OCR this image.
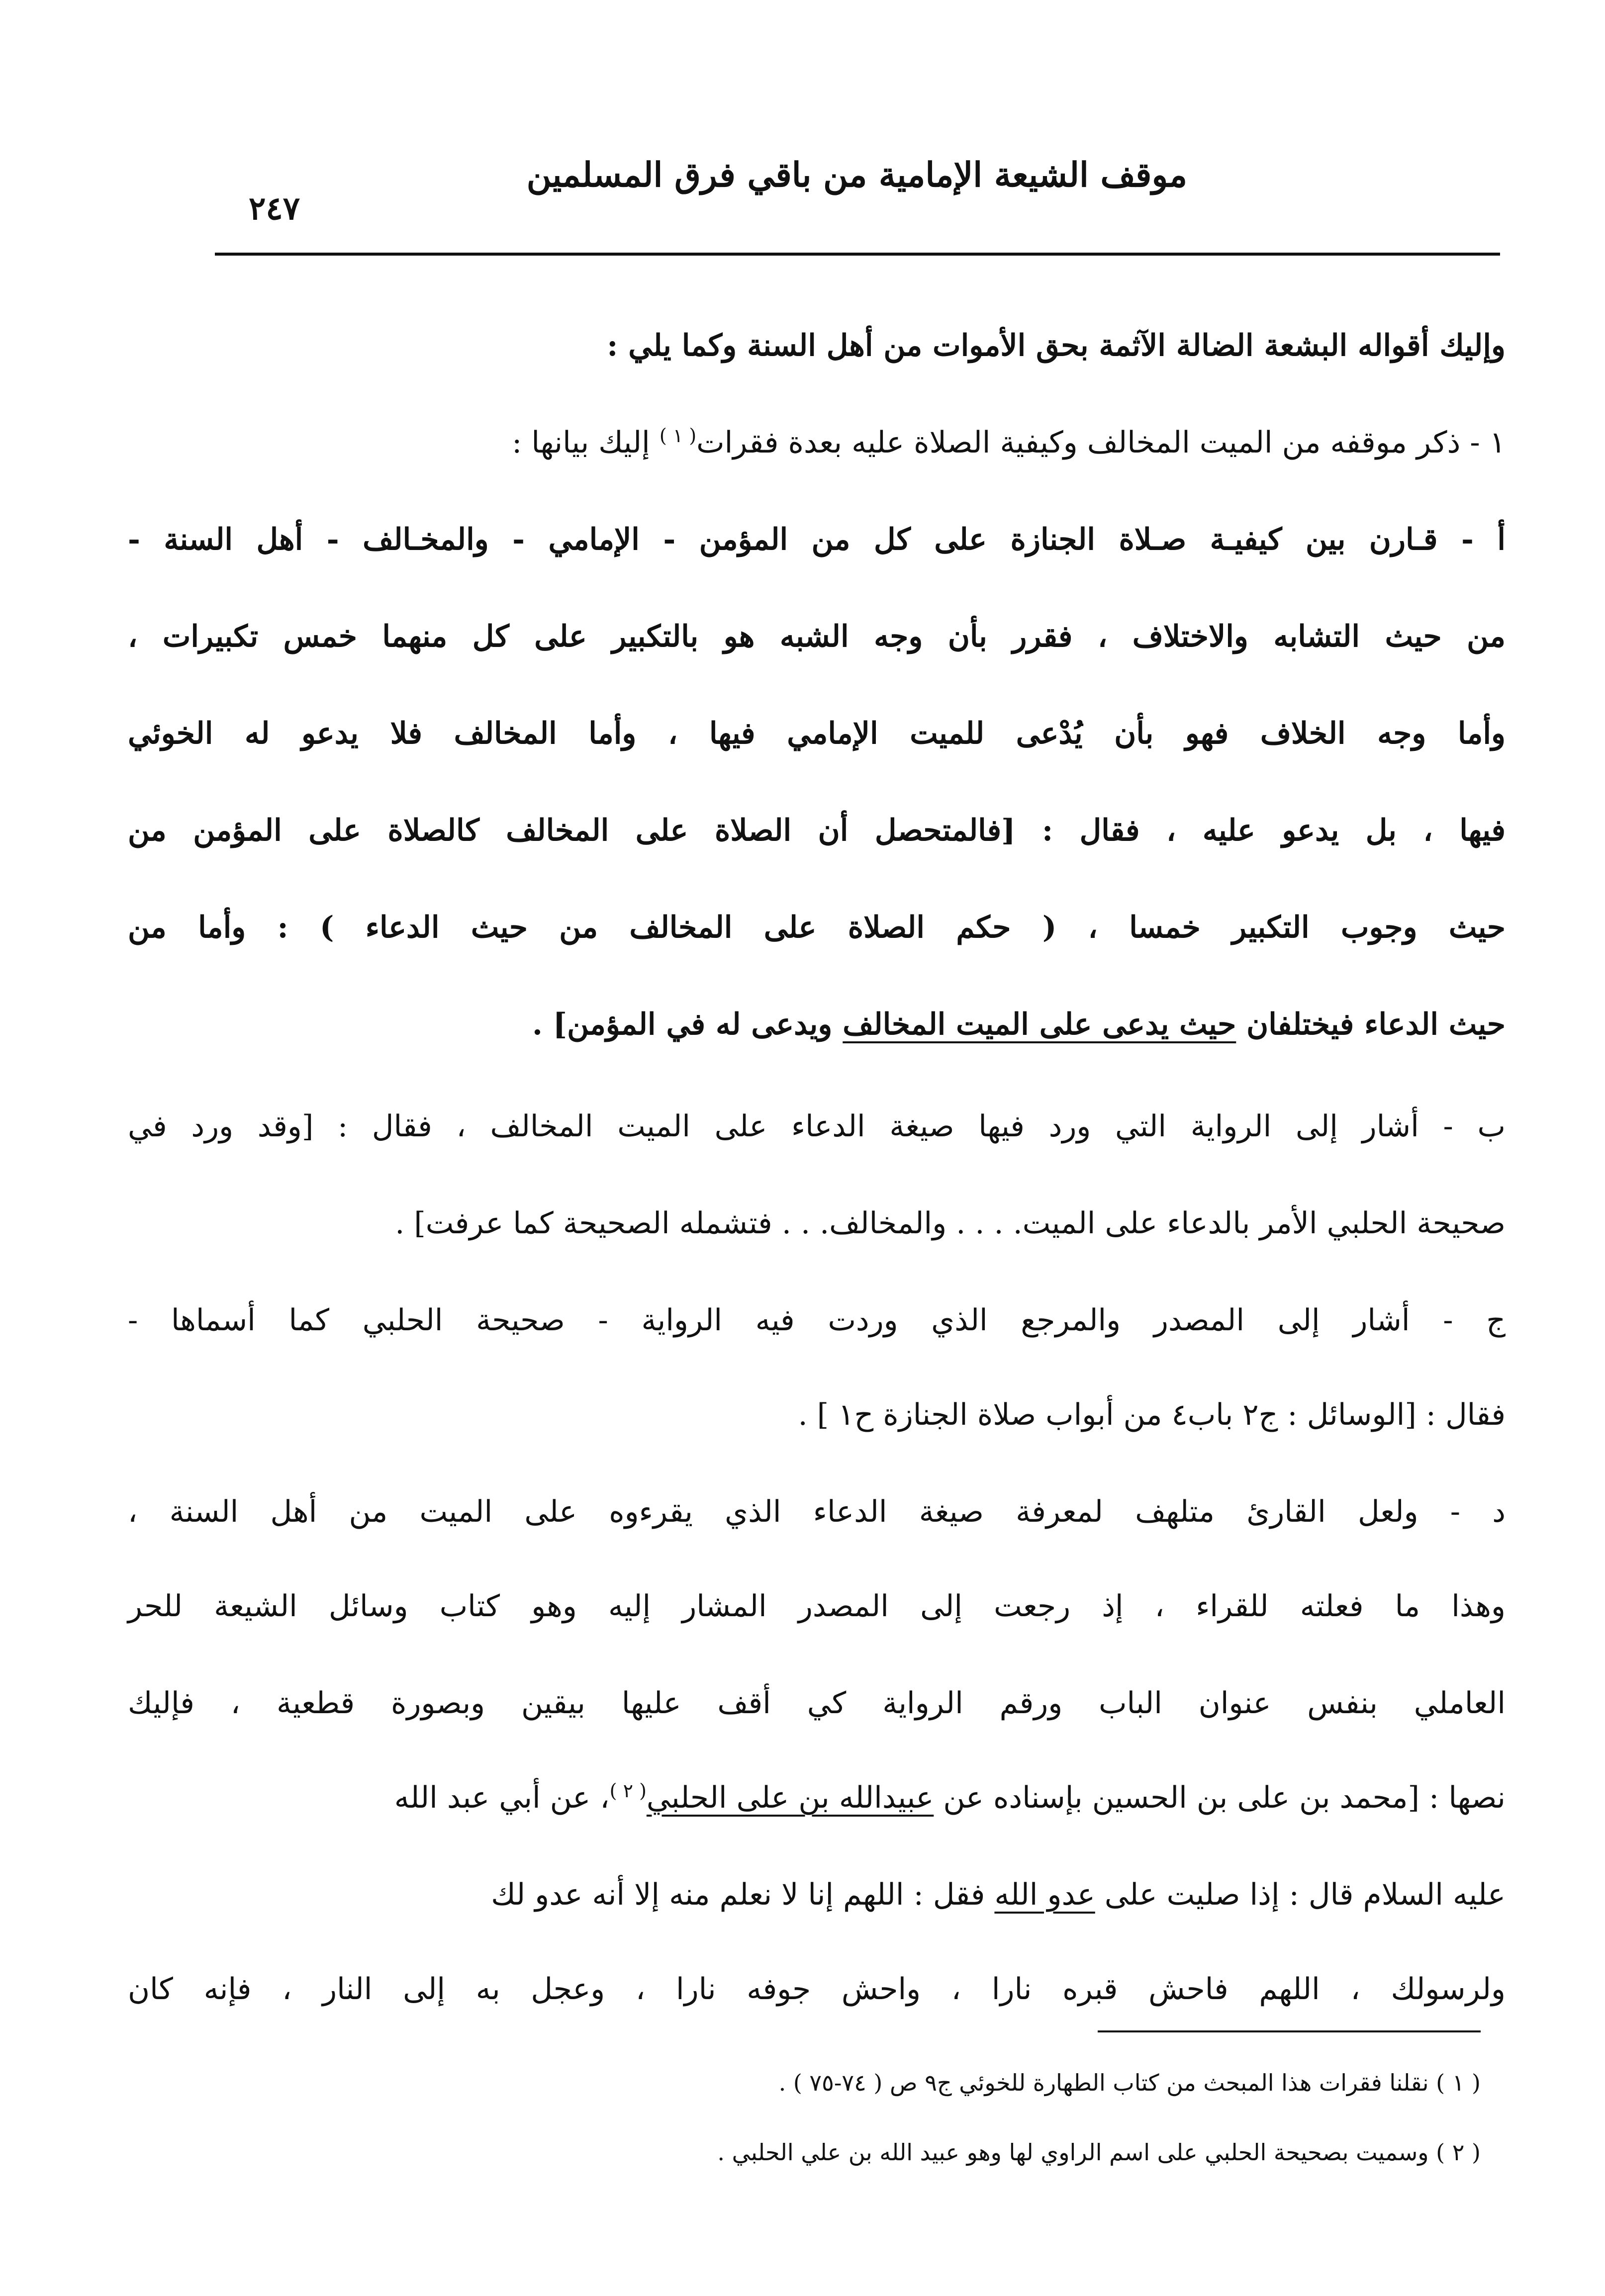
موقف الشيعة الإمامية من باقي فرق المسلمين
٢٤٧
وإليك أقواله البشعة الضالة الآثمة بحق الأموات من أهل السنة وكما يلي :
١ - ذكر موقفه من الميت المخالف وكيفية الصلاة عليه بعدة فقرات$^{( ١ )}$ إليك بيانها :
أ - قـارن بين كيفيـة صـلاة الجنازة على كل من المؤمن - الإمامي - والمخـالف - أهل السنة -
من حيث التشابه والاختلاف ، فقرر بأن وجه الشبه هو بالتكبير على كل منهما خمس تكبيرات ،
وأما وجه الخلاف فهو بأن يُدْعى للميت الإمامي فيها ، وأما المخالف فلا يدعو له الخوئي
فيها ، بل يدعو عليه ، فقال : [فالمتحصل أن الصلاة على المخالف كالصلاة على المؤمن من
حيث وجوب التكبير خمسا ، ( حكم الصلاة على المخالف من حيث الدعاء ) : وأما من
حيث الدعاء فيختلفان حيث يدعى على الميت المخالف ويدعى له في المؤمن] .
ب - أشار إلى الرواية التي ورد فيها صيغة الدعاء على الميت المخالف ، فقال : [وقد ورد في
صحيحة الحلبي الأمر بالدعاء على الميت. . . . والمخالف. . . فتشمله الصحيحة كما عرفت] .
ج - أشار إلى المصدر والمرجع الذي وردت فيه الرواية - صحيحة الحلبي كما أسماها -
فقال : [الوسائل : ج٢ باب٤ من أبواب صلاة الجنازة ح١ ] .
د - ولعل القارئ متلهف لمعرفة صيغة الدعاء الذي يقرءوه على الميت من أهل السنة ،
وهذا ما فعلته للقراء ، إذ رجعت إلى المصدر المشار إليه وهو كتاب وسائل الشيعة للحر
العاملي بنفس عنوان الباب ورقم الرواية كي أقف عليها بيقين وبصورة قطعية ، فإليك
نصها : [محمد بن على بن الحسين بإسناده عن عبيدالله بن على الحلبي$^{( ٢ )}$، عن أبي عبد الله
عليه السلام قال : إذا صليت على عدو الله فقل : اللهم إنا لا نعلم منه إلا أنه عدو لك
ولرسولك ، اللهم فاحش قبره نارا ، واحش جوفه نارا ، وعجل به إلى النار ، فإنه كان
( ١ ) نقلنا فقرات هذا المبحث من كتاب الطهارة للخوئي ج٩ ص ( ٧٤-٧٥ ) .
( ٢ ) وسميت بصحيحة الحلبي على اسم الراوي لها وهو عبيد الله بن علي الحلبي .
